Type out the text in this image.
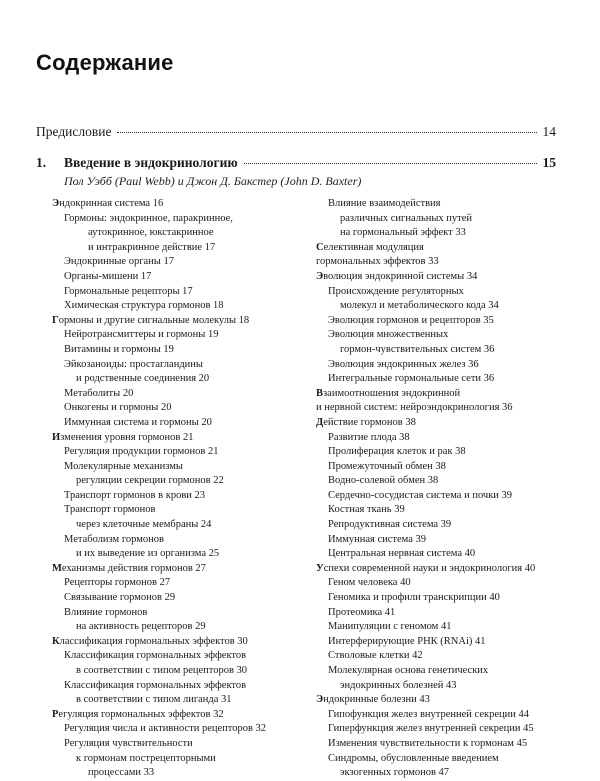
Содержание
Предисловие	14
1.	Введение в эндокринологию	15
Пол Уэбб (Paul Webb) и Джон Д. Бакстер (John D. Baxter)
Эндокринная система 16
Гормоны: эндокринное, паракринное,
аутокринное, юкстакринное
и интракринное действие 17
Эндокринные органы 17
Органы-мишени 17
Гормональные рецепторы 17
Химическая структура гормонов 18
Гормоны и другие сигнальные молекулы 18
Нейротрансмиттеры и гормоны 19
Витамины и гормоны 19
Эйкозаноиды: простагландины
и родственные соединения 20
Метаболиты 20
Онкогены и гормоны 20
Иммунная система и гормоны 20
Изменения уровня гормонов 21
Регуляция продукции гормонов 21
Молекулярные механизмы
регуляции секреции гормонов 22
Транспорт гормонов в крови 23
Транспорт гормонов
через клеточные мембраны 24
Метаболизм гормонов
и их выведение из организма 25
Механизмы действия гормонов 27
Рецепторы гормонов 27
Связывание гормонов 29
Влияние гормонов
на активность рецепторов 29
Классификация гормональных эффектов 30
Классификация гормональных эффектов
в соответствии с типом рецепторов 30
Классификация гормональных эффектов
в соответствии с типом лиганда 31
Регуляция гормональных эффектов 32
Регуляция числа и активности рецепторов 32
Регуляция чувствительности
к гормонам пострецепторными
процессами 33
Влияние взаимодействия
различных сигнальных путей
на гормональный эффект 33
Селективная модуляция
гормональных эффектов 33
Эволюция эндокринной системы 34
Происхождение регуляторных
молекул и метаболического кода 34
Эволюция гормонов и рецепторов 35
Эволюция множественных
гормон-чувствительных систем 36
Эволюция эндокринных желез 36
Интегральные гормональные сети 36
Взаимоотношения эндокринной
и нервной систем: нейроэндокринология 36
Действие гормонов 38
Развитие плода 38
Пролиферация клеток и рак 38
Промежуточный обмен 38
Водно-солевой обмен 38
Сердечно-сосудистая система и почки 39
Костная ткань 39
Репродуктивная система 39
Иммунная система 39
Центральная нервная система 40
Успехи современной науки и эндокринология 40
Геном человека 40
Геномика и профили транскрипции 40
Протеомика 41
Манипуляции с геномом 41
Интерферирующие РНК (RNAi) 41
Стволовые клетки 42
Молекулярная основа генетических
эндокринных болезней 43
Эндокринные болезни 43
Гипофункция желез внутренней секреции 44
Гиперфункция желез внутренней секреции 45
Изменения чувствительности к гормонам 45
Синдромы, обусловленные введением
экзогенных гормонов 47
